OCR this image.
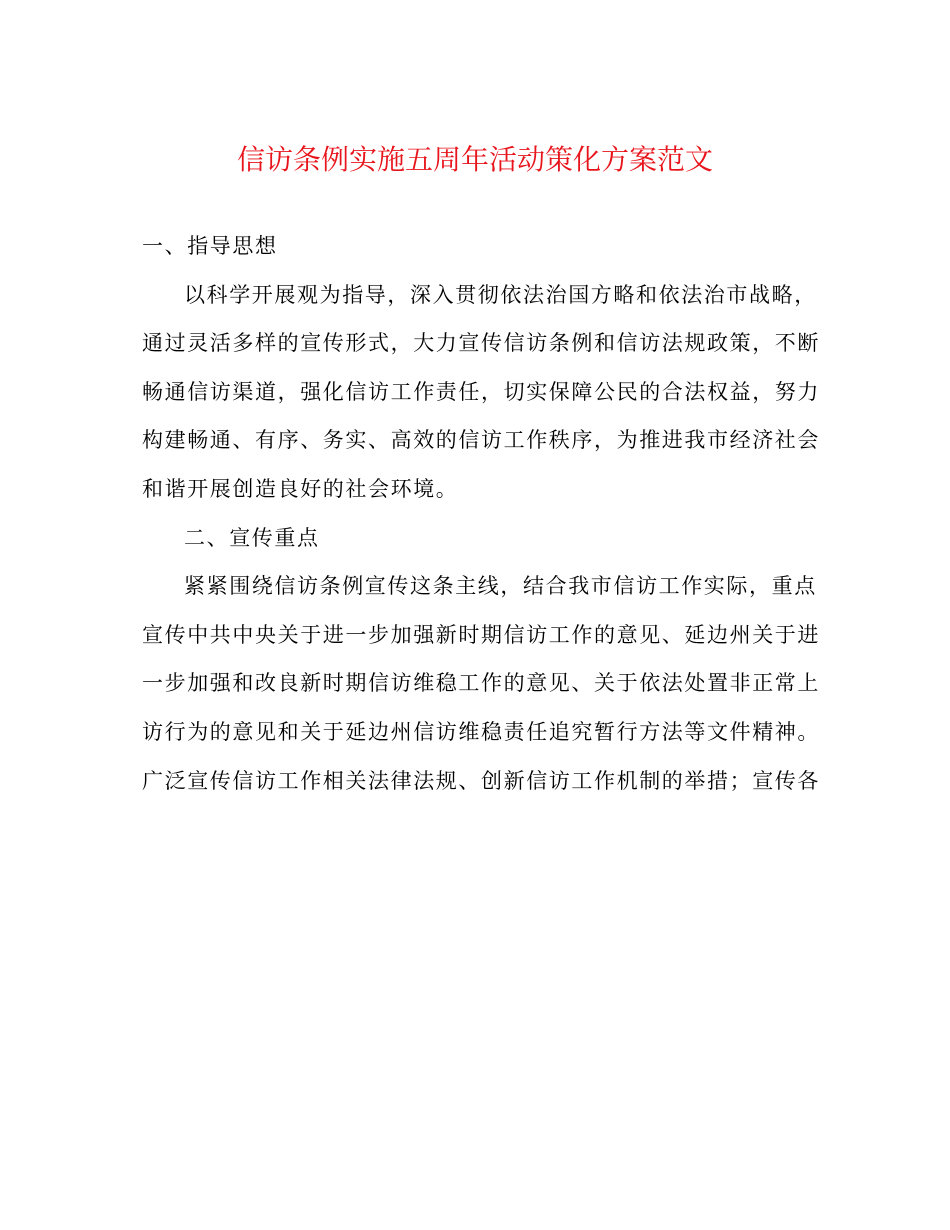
信访条例实施五周年活动策化方案范文
一、指导思想
以科学开展观为指导，深入贯彻依法治国方略和依法治市战略，
通过灵活多样的宣传形式，大力宣传信访条例和信访法规政策，不断
畅通信访渠道，强化信访工作责任，切实保障公民的合法权益，努力
构建畅通、有序、务实、高效的信访工作秩序，为推进我市经济社会
和谐开展创造良好的社会环境。
二、宣传重点
紧紧围绕信访条例宣传这条主线，结合我市信访工作实际，重点
宣传中共中央关于进一步加强新时期信访工作的意见、延边州关于进
一步加强和改良新时期信访维稳工作的意见、关于依法处置非正常上
访行为的意见和关于延边州信访维稳责任追究暂行方法等文件精神。
广泛宣传信访工作相关法律法规、创新信访工作机制的举措；宣传各
